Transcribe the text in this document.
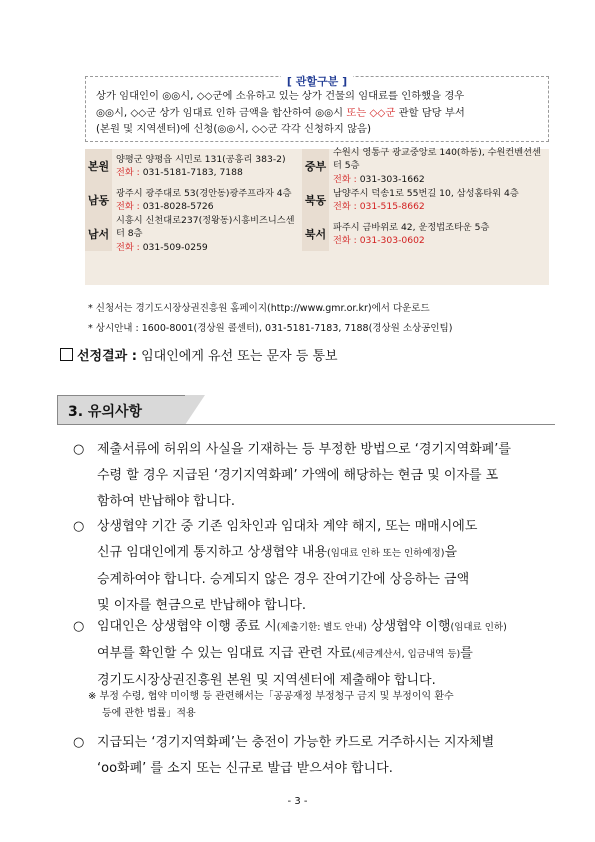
[ 관할구분 ]
상가 임대인이 ◎◎시, ◇◇군에 소유하고 있는 상가 건물의 임대료를 인하했을 경우
◎◎시, ◇◇군 상가 임대료 인하 금액을 합산하여 ◎◎시 또는 ◇◇군 관할 담당 부서
(본원 및 지역센터)에 신청(◎◎시, ◇◇군 각각 신청하지 않음)
본원
양평군 양평읍 시민로 131(공흥리 383-2)
전화 : 031-5181-7183, 7188	중부
수원시 영통구 광교중앙로 140(하동), 수원컨벤션센터 5층
전화 : 031-303-1662
남동
광주시 광주대로 53(경안동)광주프라자 4층
전화 : 031-8028-5726	북동
남양주시 덕송1로 55번길 10, 삼성홈타워 4층
전화 : 031-515-8662
남서
시흥시 신천대로237(정왕동)시흥비즈니스센터 8층
전화 : 031-509-0259
북서
파주시 금바위로 42, 운정법조타운 5층
전화 : 031-303-0602
* 신청서는 경기도시장상권진흥원 홈페이지(http://www.gmr.or.kr)에서 다운로드
* 상시안내 : 1600-8001(경상원 콜센터), 031-5181-7183, 7188(경상원 소상공인팀)
선정결과 : 임대인에게 유선 또는 문자 등 통보
3. 유의사항
○ 제출서류에 허위의 사실을 기재하는 등 부정한 방법으로 ‘경기지역화폐’를
수령 할 경우 지급된 ‘경기지역화폐’ 가액에 해당하는 현금 및 이자를 포
함하여 반납해야 합니다.
○ 상생협약 기간 중 기존 임차인과 임대차 계약 해지, 또는 매매시에도
신규 임대인에게 통지하고 상생협약 내용(임대료 인하 또는 인하예정)을
승계하여야 합니다. 승계되지 않은 경우 잔여기간에 상응하는 금액
및 이자를 현금으로 반납해야 합니다.
○ 임대인은 상생협약 이행 종료 시(제출기한: 별도 안내) 상생협약 이행(임대료 인하)
여부를 확인할 수 있는 임대료 지급 관련 자료(세금계산서, 입금내역 등)를
경기도시장상권진흥원 본원 및 지역센터에 제출해야 합니다.
※ 부정 수령, 협약 미이행 등 관련해서는「공공재정 부정청구 금지 및 부정이익 환수
등에 관한 법률」적용
○ 지급되는 ‘경기지역화폐’는 충전이 가능한 카드로 거주하시는 지자체별
‘oo화폐’ 를 소지 또는 신규로 발급 받으셔야 합니다.
- 3 -
